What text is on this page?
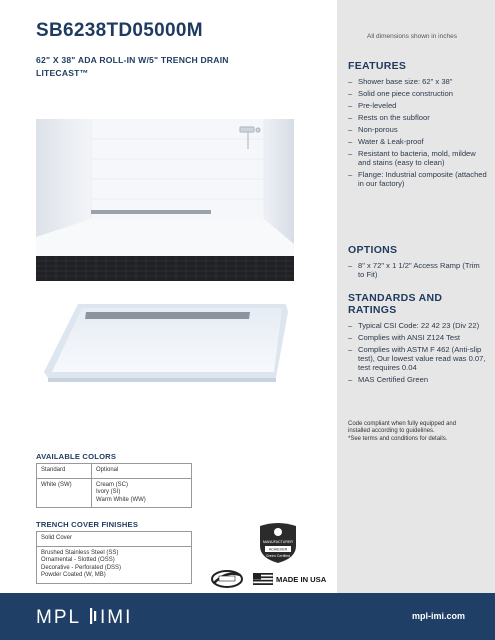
SB6238TD05000M
62" X 38" ADA ROLL-IN W/5" TRENCH DRAIN
LITECAST™
AVAILABLE COLORS
Standard	Optional
White (SW)	Cream (SC)
Ivory (SI)
Warm White (WW)
TRENCH COVER FINISHES
Solid Cover

Brushed Stainless Steel (SS)
Ornamental - Slotted (OSS)
Decorative - Perforated (DSS)
Powder Coated (W, MB)
MANUFACTURER
ACHIEVER
Green Certified
MADE IN USA
All dimensions shown in inches
FEATURES
– Shower base size: 62" x 38"
– Solid one piece construction
– Pre-leveled
– Rests on the subfloor
– Non-porous
– Water & Leak-proof
– Resistant to bacteria, mold, mildew and stains (easy to clean)
– Flange: Industrial composite (attached in our factory)
OPTIONS
– 8" x 72" x 1 1/2" Access Ramp (Trim to Fit)
STANDARDS AND
RATINGS
– Typical CSI Code: 22 42 23 (Div 22)
– Complies with ANSI Z124 Test
– Complies with ASTM F 462 (Anti-slip test), Our lowest value read was 0.07, test requires 0.04
– MAS Certified Green
Code compliant when fully equipped and installed according to guidelines.
*See terms and conditions for details.
MPL IMI	mpl-imi.com
